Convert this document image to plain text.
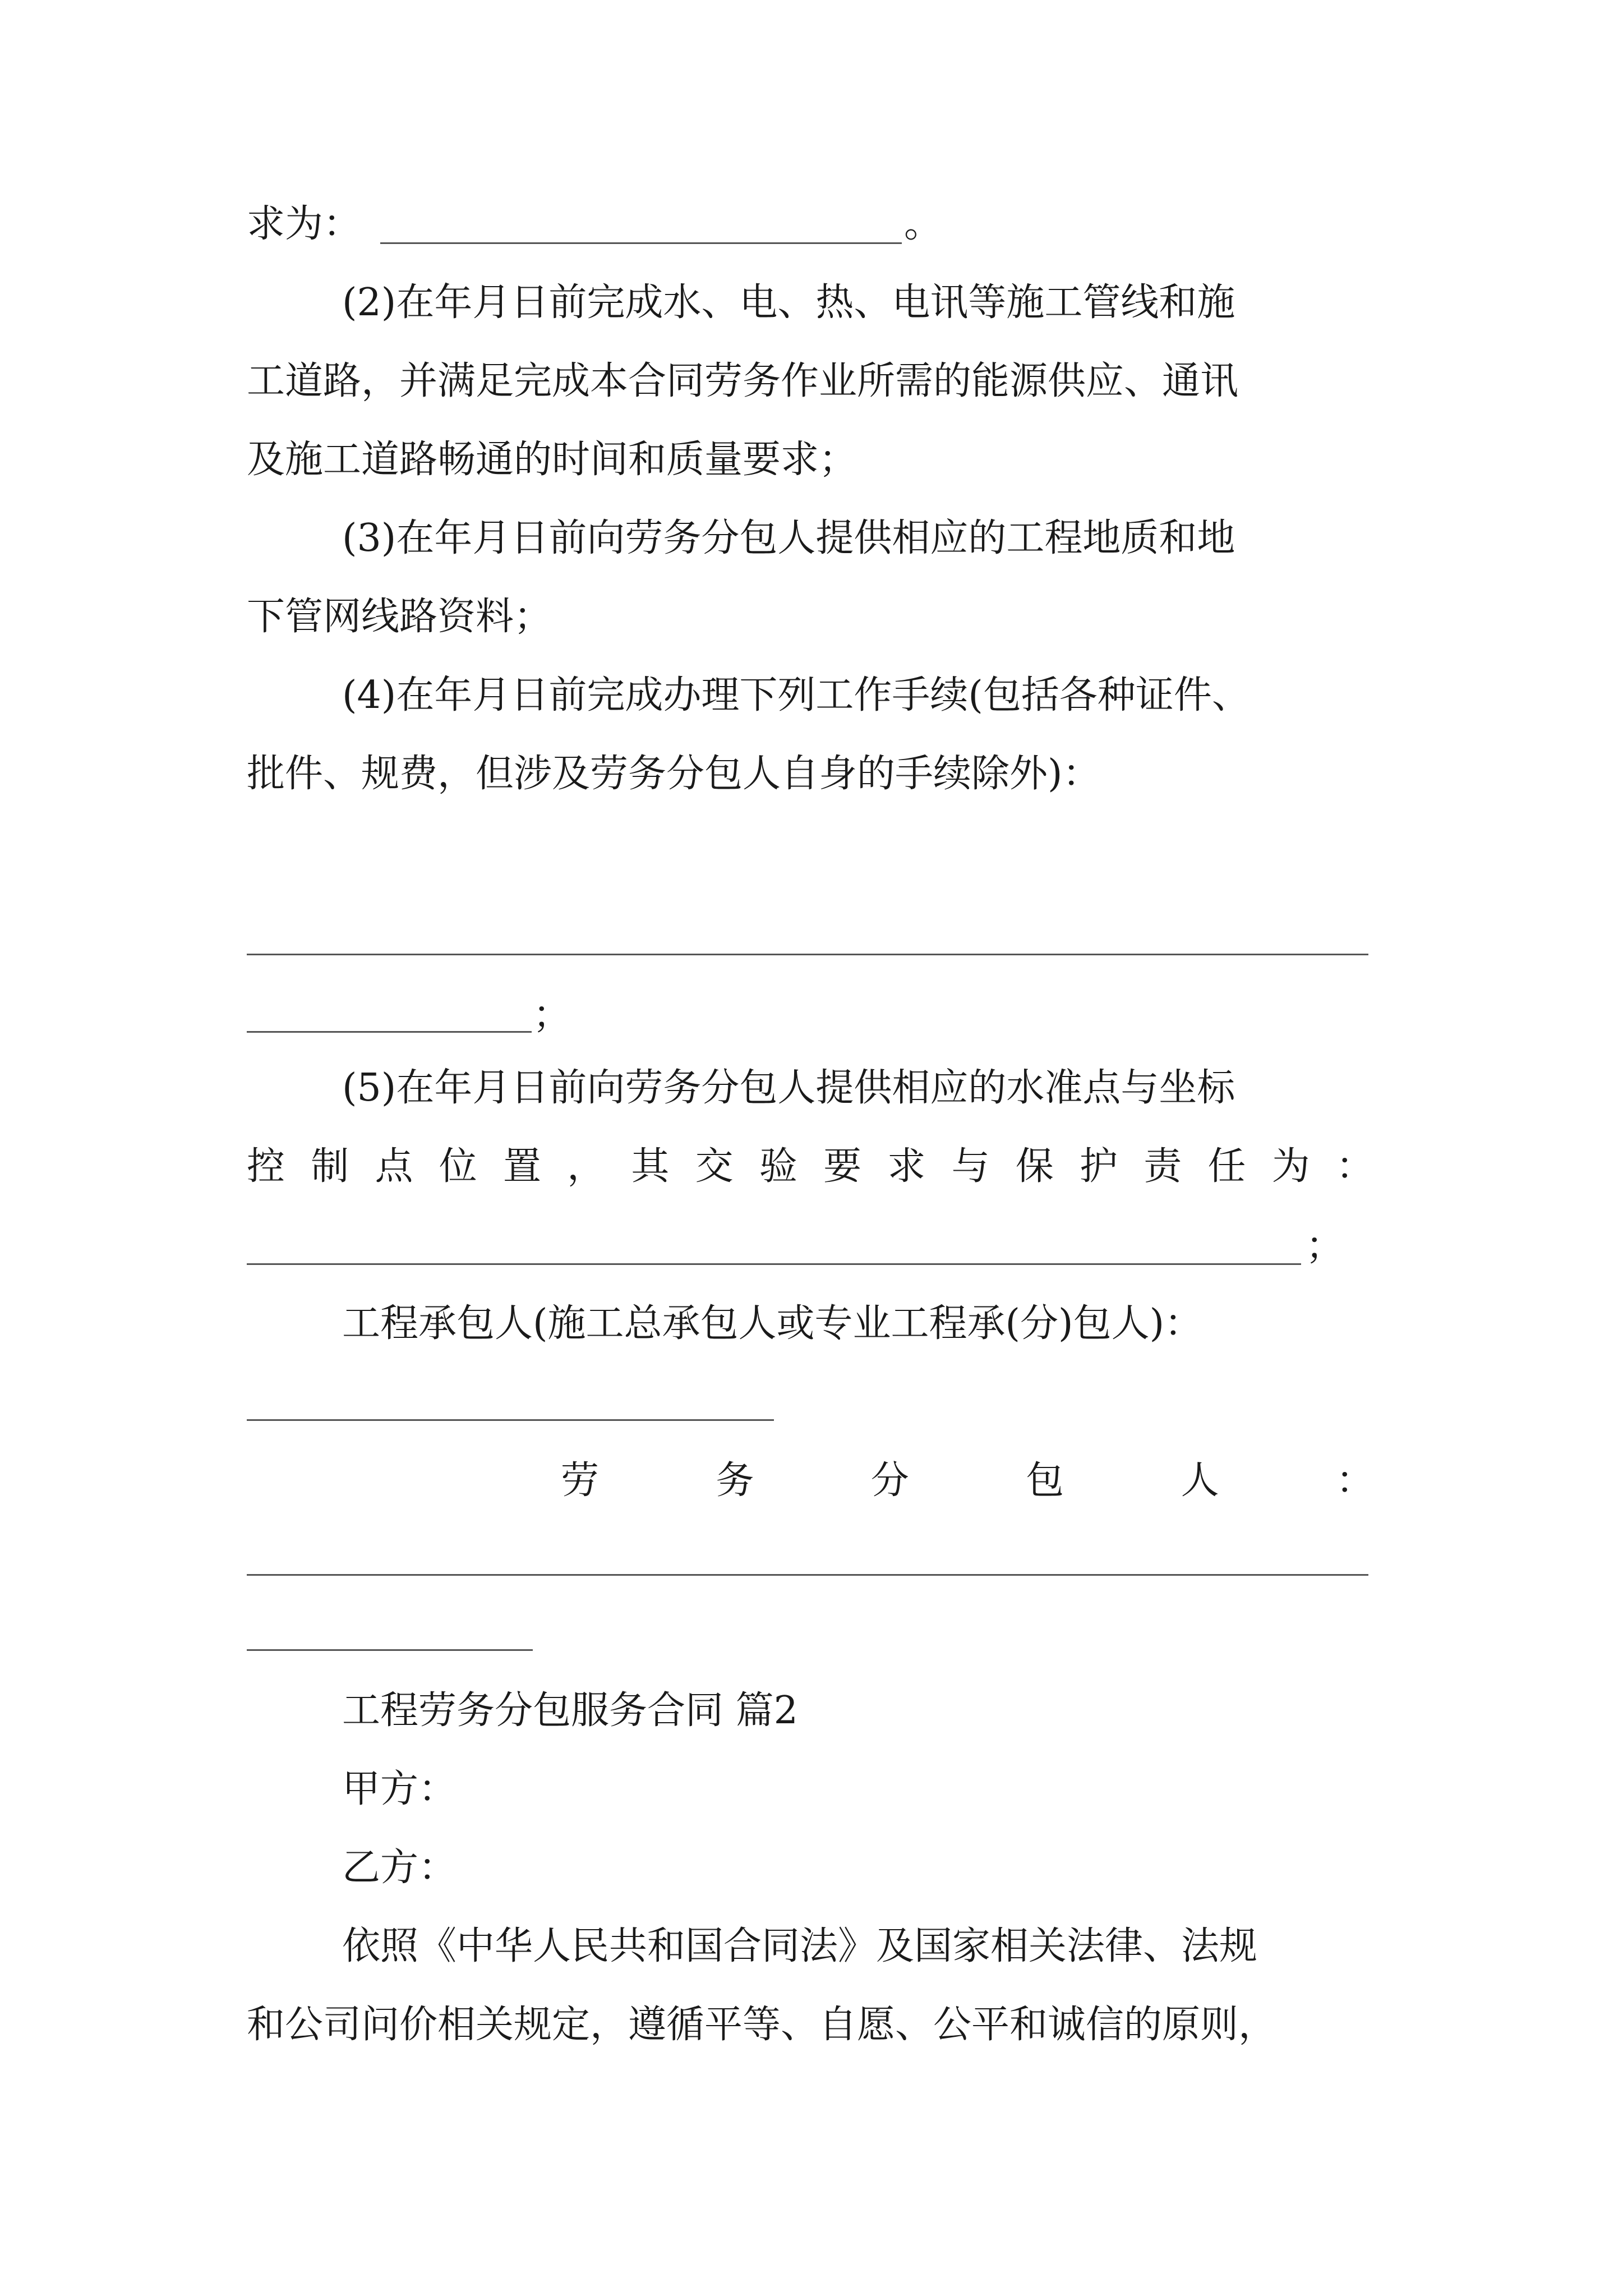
求为：	。
(2)在年月日前完成水、电、热、电讯等施工管线和施
工道路，并满足完成本合同劳务作业所需的能源供应、通讯
及施工道路畅通的时间和质量要求；
(3)在年月日前向劳务分包人提供相应的工程地质和地
下管网线路资料；
(4)在年月日前完成办理下列工作手续(包括各种证件、
批件、规费，但涉及劳务分包人自身的手续除外)：
；
(5)在年月日前向劳务分包人提供相应的水准点与坐标
控 制 点 位 置 ， 其 交 验 要 求 与 保 护 责 任 为 ：
；
工程承包人(施工总承包人或专业工程承(分)包人)：
劳	务	分	包	人	：
工程劳务分包服务合同 篇2
甲方：
乙方：
依照《中华人民共和国合同法》及国家相关法律、法规
和公司问价相关规定，遵循平等、自愿、公平和诚信的原则，
